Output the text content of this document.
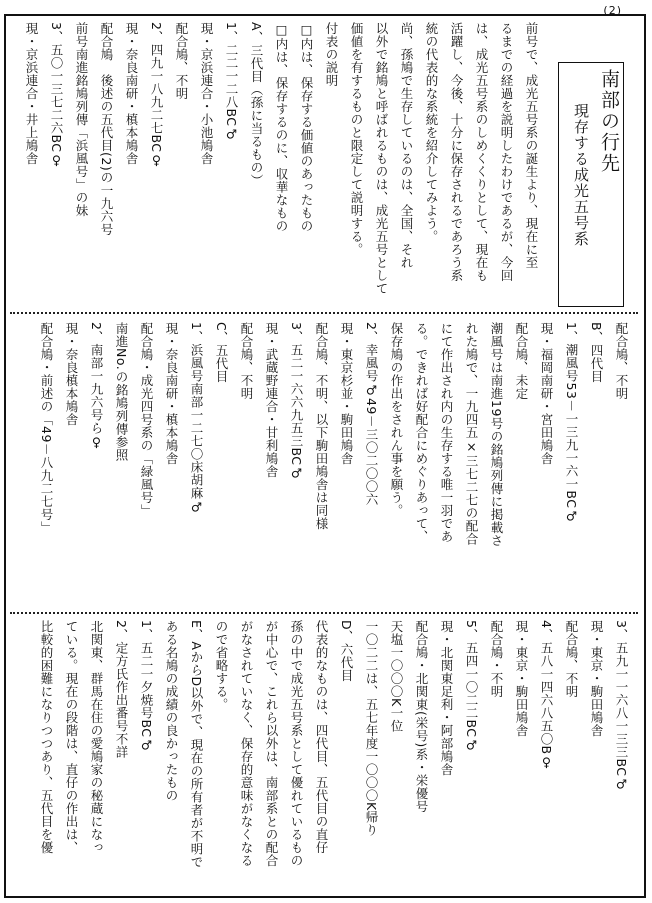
(2)
南部の行先
現存する成光五号系
前号で、成光五号系の誕生より、現在に至
るまでの経過を説明したわけであるが、今回
は、成光五号系のしめくくりとして、現在も
活躍し、今後、十分に保存されるであろう系
統の代表的な系統を紹介してみよう。
尚、孫鳩で生存しているのは、全国、それ
以外で銘鳩と呼ばれるものは、成光五号として
価値を有するものと限定して説明する。
付表の説明
□内は、保存する価値のあったもの
□内は、保存するのに、収華なもの
A、三代目（孫に当るもの）
1、二二一二八BC♂
現・京浜連合・小池鳩舎
配合鳩、不明
2、四九一八九二七BC♀
現・奈良南研・槙本鳩舎
配合鳩　後述の五代目(2)の一九六号
前号南進銘鳩列傳「浜風号」の妹
3、五〇一三七二六BC♀
現・京浜連合・井上鳩舎
配合鳩、不明
B、四代目
1、潮風号53－一三九一六一BC♂
現・福岡南研・宮田鳩舎
配合鳩、未定
潮風号は南進19号の銘鳩列傳に掲載さ
れた鳩で、一九四五×三七二七の配合
にて作出され内の生存する唯一羽であ
る。できれば好配合にめぐりあって、
保存鳩の作出をされん事を願う。
2、幸風号♂49－三〇二〇〇六
現・東京杉並・駒田鳩舎
配合鳩、不明、以下駒田鳩舎は同様
3、五二一六六九五三BC♂
現・武蔵野連合・甘利鳩舎
配合鳩、不明
C、五代目
1、浜風号南部一二七〇床胡麻♂
現・奈良南研・槙本鳩舎
配合鳩・成光四号系の「緑風号」
南進No.の銘鳩列傳参照
2、南部一九六号ら♀
現・奈良槙本鳩舎
配合鳩・前述の「49－八九二七号」
3、五九一一六八一三三BC♂
現・東京・駒田鳩舎
配合鳩、不明
4、五八一四六八五〇B♀
現・東京・駒田鳩舎
配合鳩・不明
5、五四一〇二二BC♂
現・北関東足利・阿部鳩舎
配合鳩・北関東(栄号)系・栄優号
天塩一〇〇〇K一位
一〇二二は、五七年度一〇〇〇K帰り
D、六代目
代表的なものは、四代目、五代目の直仔
孫の中で成光五号系として優れているもの
が中心で、これら以外は、南部系との配合
がなされていなく、保存的意味がなくなる
ので省略する。
E、AからD以外で、現在の所有者が不明で
ある名鳩の成績の良かったもの
1、五二一夕焼号BC♂
2、定方氏作出番号不詳
北関東、群馬在住の愛鳩家の秘蔵になっ
ている。現在の段階は、直仔の作出は、
比較的困難になりつつあり、五代目を優
